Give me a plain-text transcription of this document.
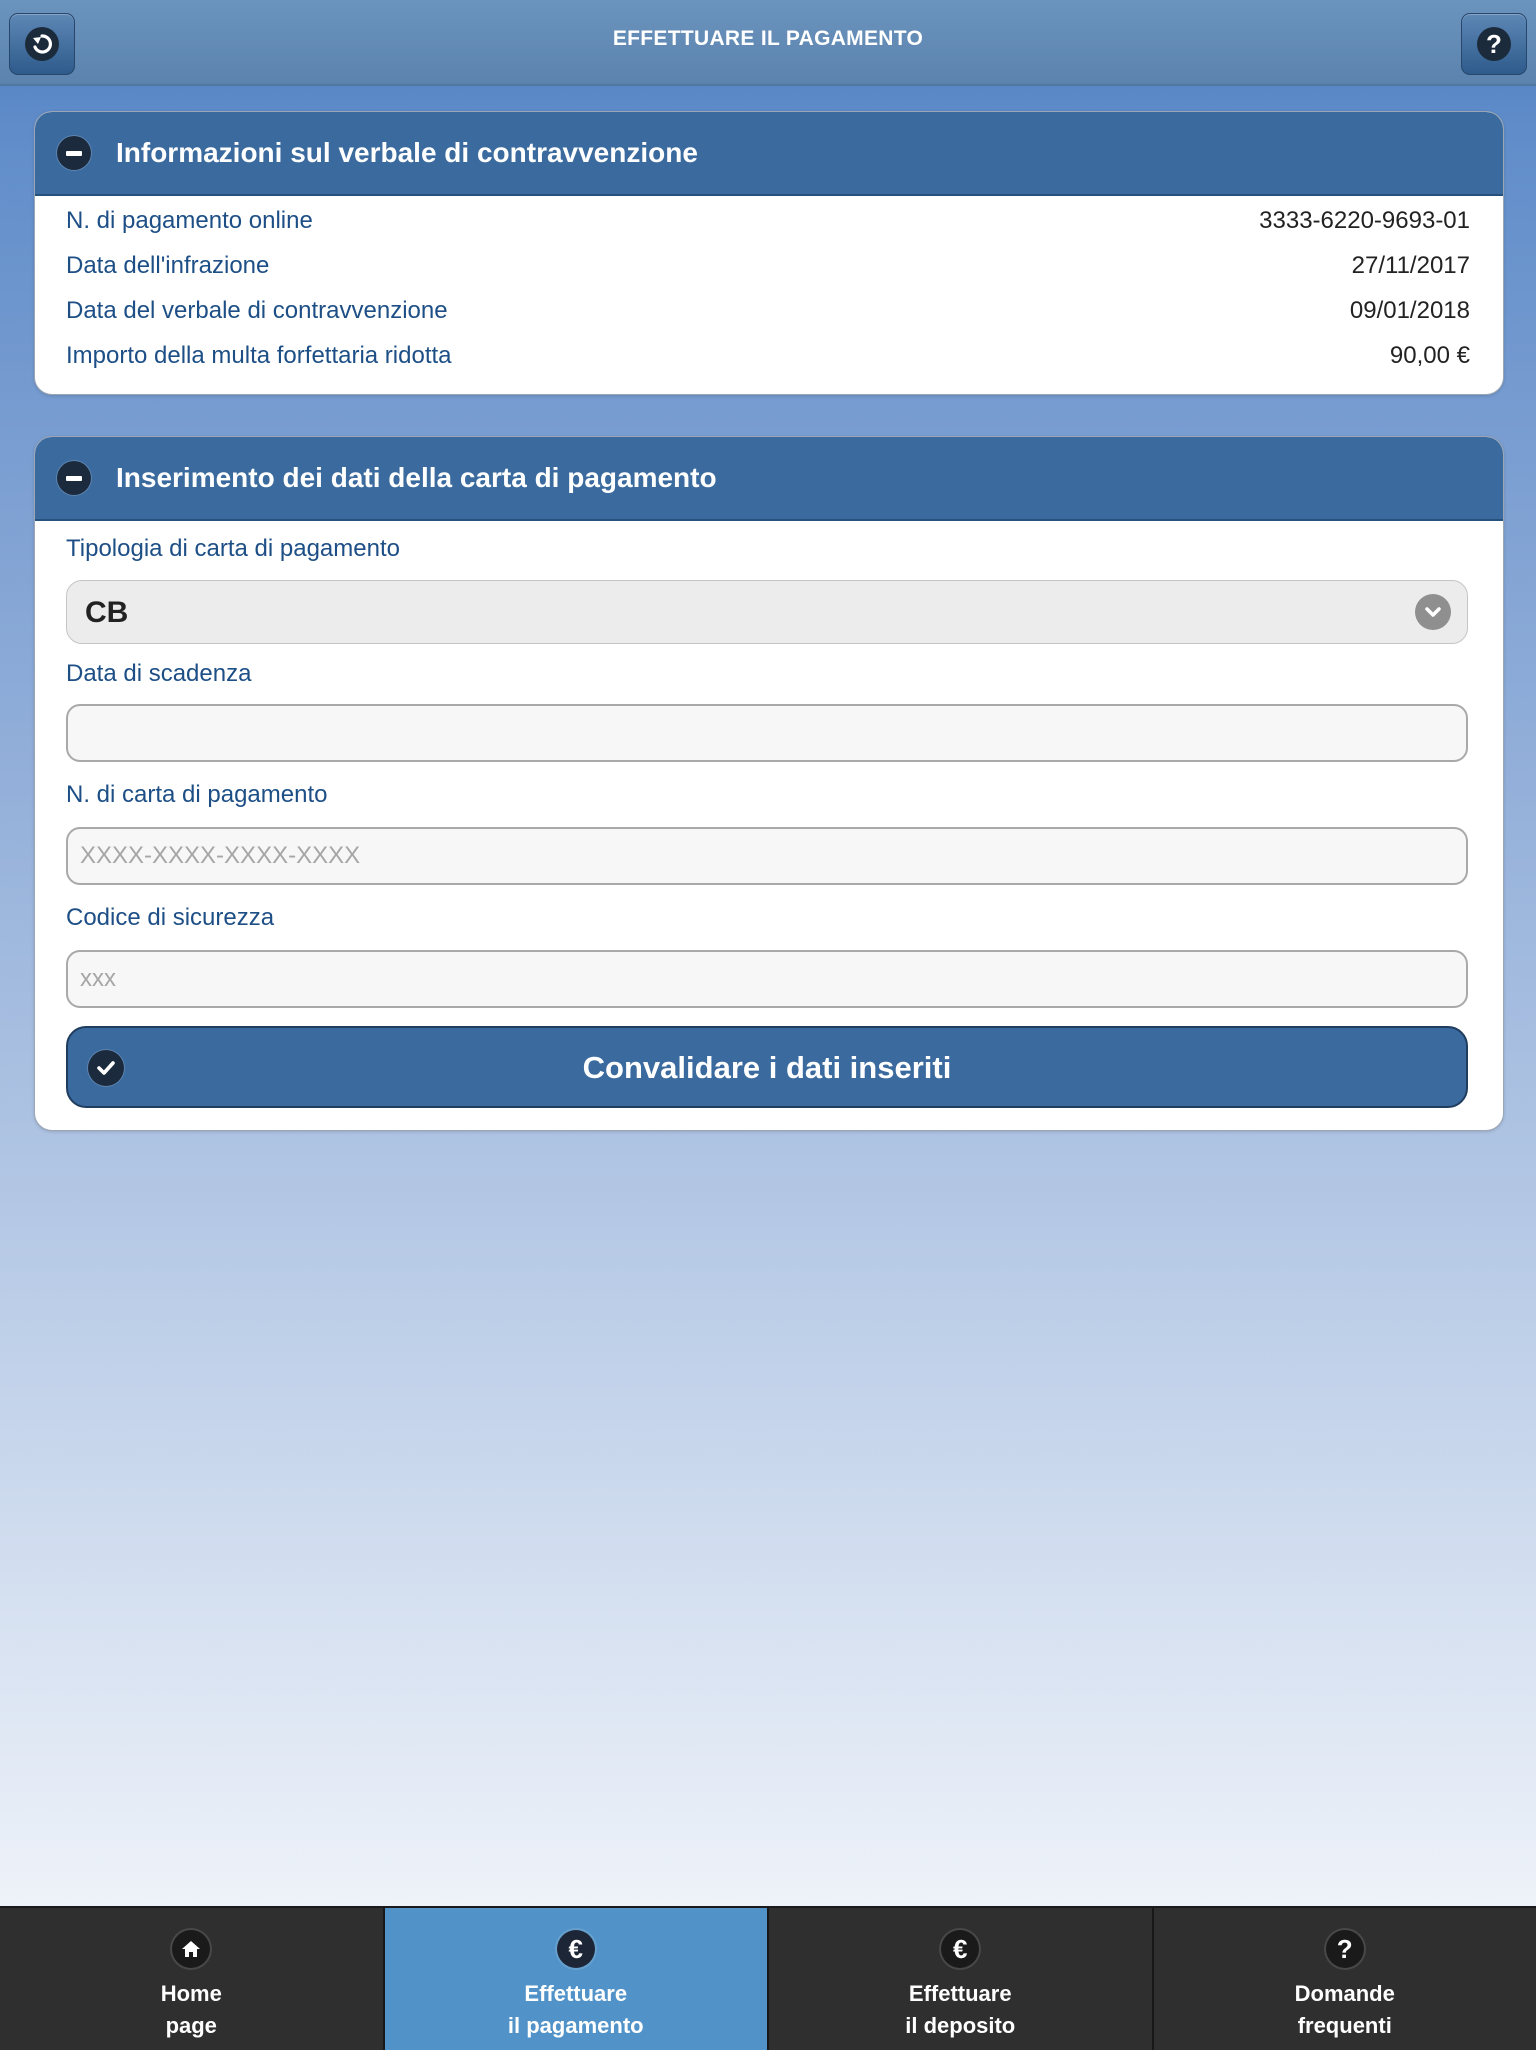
EFFETTUARE IL PAGAMENTO	?
Informazioni sul verbale di contravvenzione
N. di pagamento online	3333-6220-9693-01
Data dell'infrazione	27/11/2017
Data del verbale di contravvenzione	09/01/2018
Importo della multa forfettaria ridotta	90,00 €
Inserimento dei dati della carta di pagamento
Tipologia di carta di pagamento
CB
Data di scadenza
N. di carta di pagamento
XXXX-XXXX-XXXX-XXXX
Codice di sicurezza
xxx
Convalidare i dati inseriti
Home
page
€
Effettuare
il pagamento
€
Effettuare
il deposito
?
Domande
frequenti
